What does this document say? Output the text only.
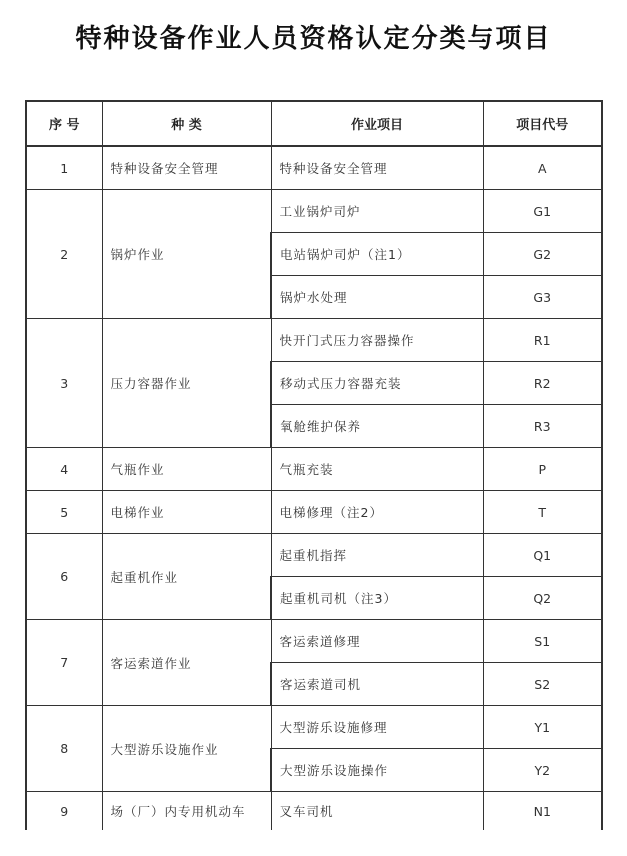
特种设备作业人员资格认定分类与项目
序 号	种 类	作业项目	项目代号
1	特种设备安全管理	特种设备安全管理	A
2	锅炉作业	工业锅炉司炉	G1
		电站锅炉司炉（注1）	G2
		锅炉水处理	G3
3	压力容器作业	快开门式压力容器操作	R1
		移动式压力容器充装	R2
		氧舱维护保养	R3
4	气瓶作业	气瓶充装	P
5	电梯作业	电梯修理（注2）	T
6	起重机作业	起重机指挥	Q1
		起重机司机（注3）	Q2
7	客运索道作业	客运索道修理	S1
		客运索道司机	S2
8	大型游乐设施作业	大型游乐设施修理	Y1
		大型游乐设施操作	Y2
9	场（厂）内专用机动车	叉车司机	N1
